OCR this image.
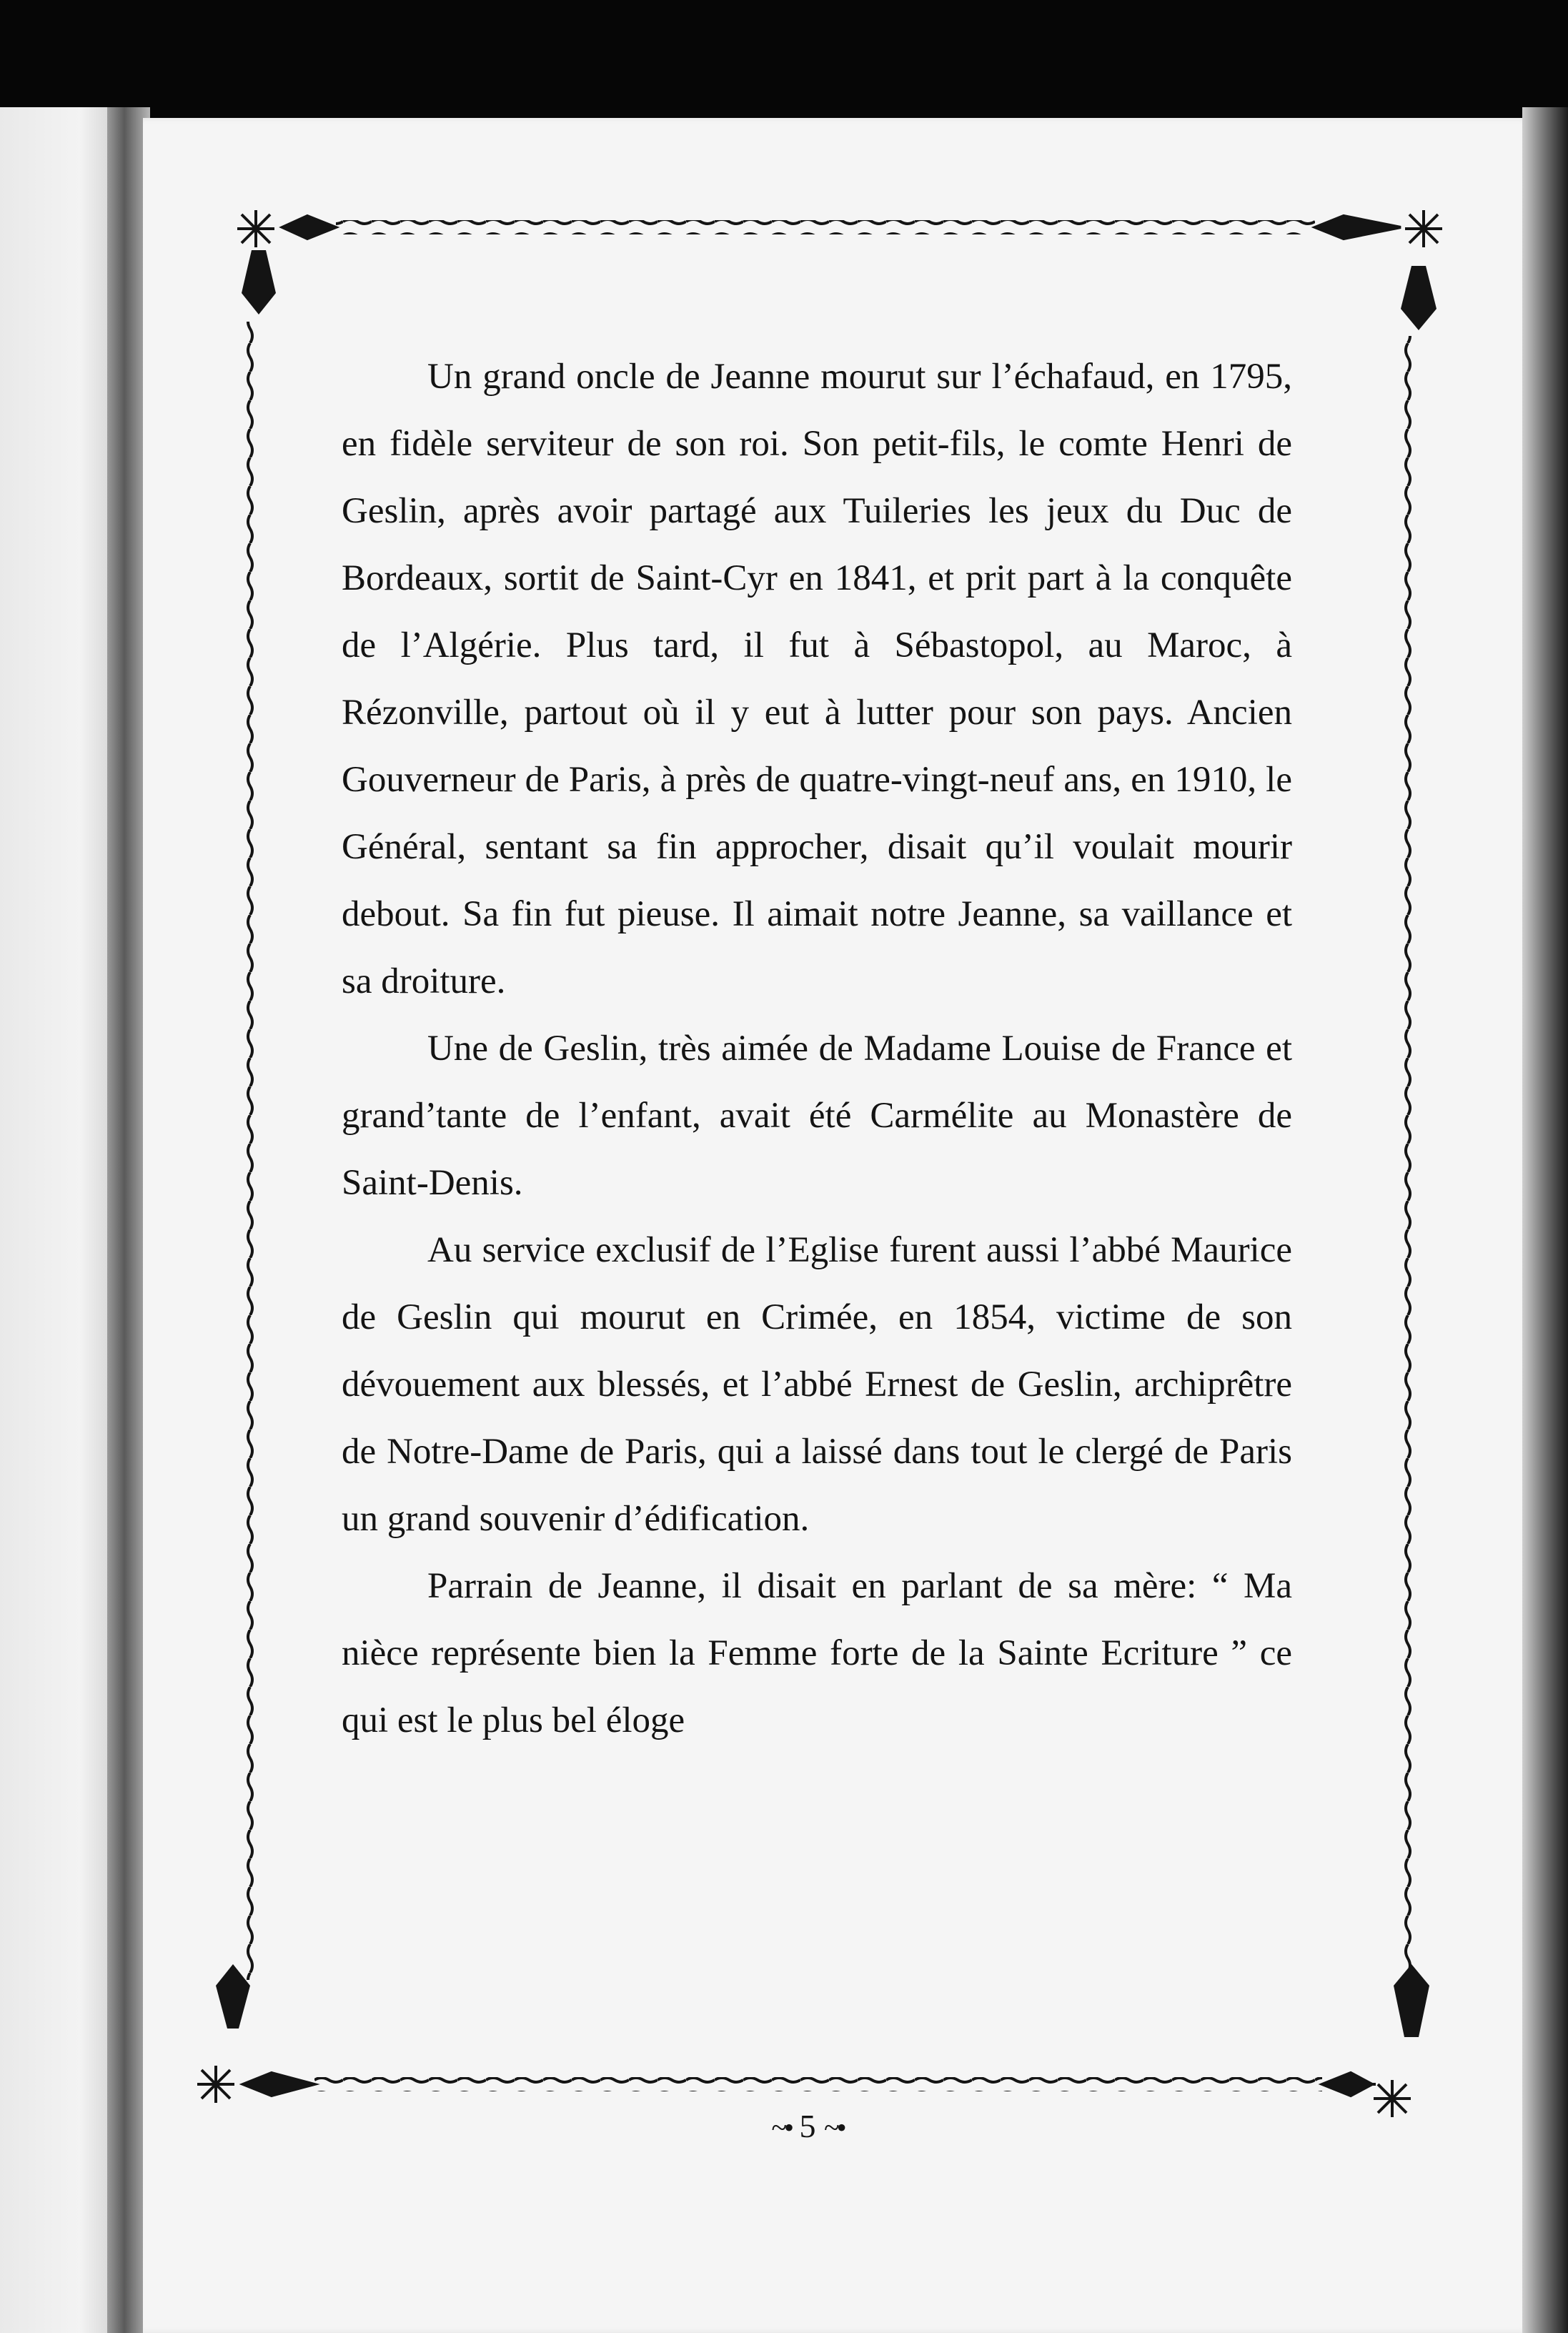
Un grand oncle de Jeanne mourut sur l’échafaud, en 1795, en fidèle serviteur de son roi. Son petit-fils, le comte Henri de Geslin, après avoir partagé aux Tuileries les jeux du Duc de Bordeaux, sortit de Saint-Cyr en 1841, et prit part à la conquête de l’Algérie. Plus tard, il fut à Sébastopol, au Maroc, à Rézonville, partout où il y eut à lutter pour son pays. Ancien Gouverneur de Paris, à près de quatre-vingt-neuf ans, en 1910, le Général, sentant sa fin approcher, disait qu’il voulait mourir debout. Sa fin fut pieuse. Il aimait notre Jeanne, sa vaillance et sa droiture.

Une de Geslin, très aimée de Madame Louise de France et grand’tante de l’enfant, avait été Carmélite au Monastère de Saint-Denis.

Au service exclusif de l’Eglise furent aussi l’abbé Maurice de Geslin qui mourut en Crimée, en 1854, victime de son dévouement aux blessés, et l’abbé Ernest de Geslin, archiprêtre de Notre-Dame de Paris, qui a laissé dans tout le clergé de Paris un grand souvenir d’édification.

Parrain de Jeanne, il disait en parlant de sa mère: “ Ma nièce représente bien la Femme forte de la Sainte Ecriture ” ce qui est le plus bel éloge

~• 5 ~•
